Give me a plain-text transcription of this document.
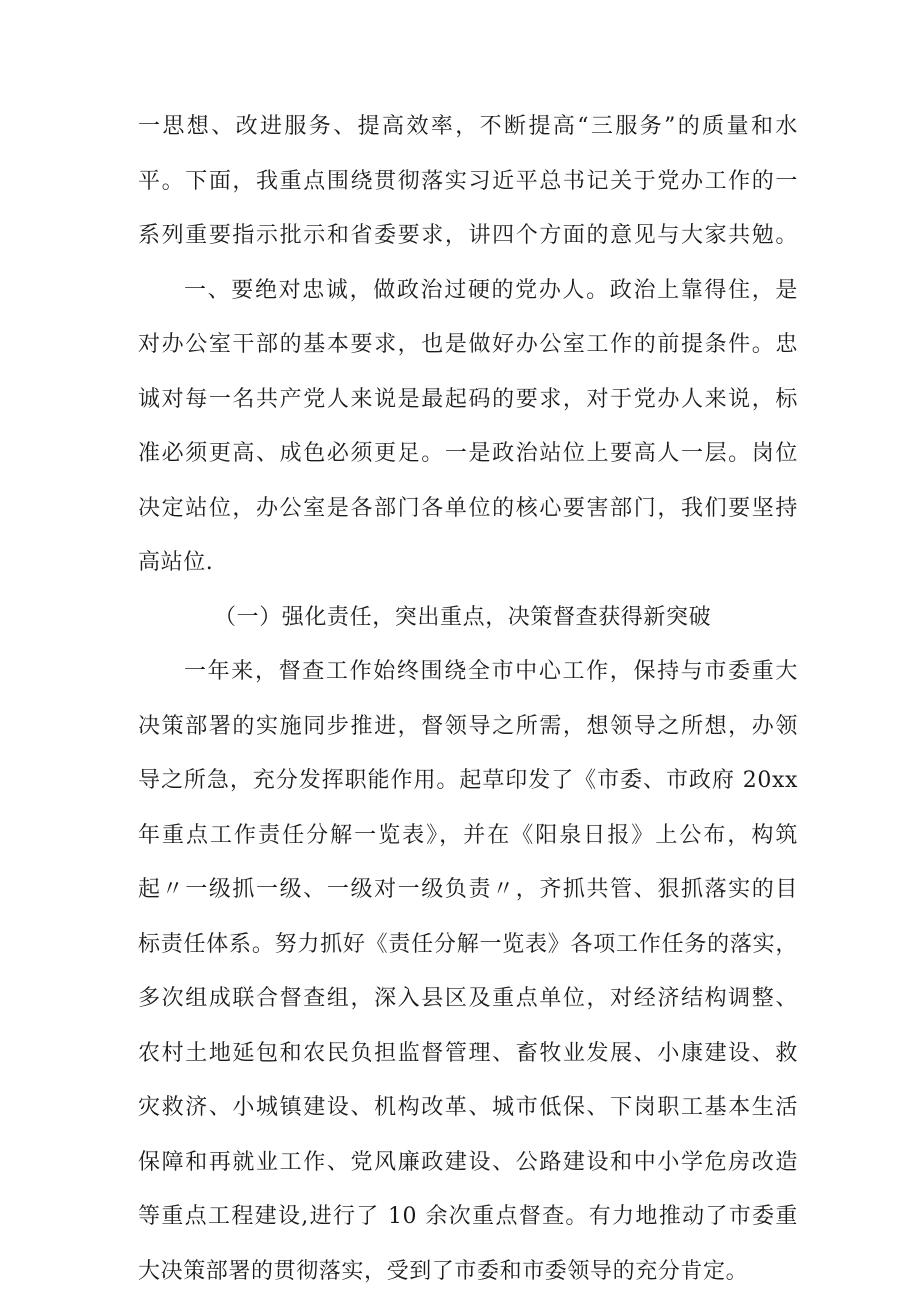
一思想、改进服务、提高效率，不断提高“三服务”的质量和水
平。下面，我重点围绕贯彻落实习近平总书记关于党办工作的一
系列重要指示批示和省委要求，讲四个方面的意见与大家共勉。
一、要绝对忠诚，做政治过硬的党办人。政治上靠得住，是
对办公室干部的基本要求，也是做好办公室工作的前提条件。忠
诚对每一名共产党人来说是最起码的要求，对于党办人来说，标
准必须更高、成色必须更足。一是政治站位上要高人一层。岗位
决定站位，办公室是各部门各单位的核心要害部门，我们要坚持
高站位.
（一）强化责任，突出重点，决策督查获得新突破
一年来，督查工作始终围绕全市中心工作，保持与市委重大
决策部署的实施同步推进，督领导之所需，想领导之所想，办领
导之所急，充分发挥职能作用。起草印发了《市委、市政府 20xx
年重点工作责任分解一览表》，并在《阳泉日报》上公布，构筑
起〃一级抓一级、一级对一级负责〃，齐抓共管、狠抓落实的目
标责任体系。努力抓好《责任分解一览表》各项工作任务的落实，
多次组成联合督查组，深入县区及重点单位，对经济结构调整、
农村土地延包和农民负担监督管理、畜牧业发展、小康建设、救
灾救济、小城镇建设、机构改革、城市低保、下岗职工基本生活
保障和再就业工作、党风廉政建设、公路建设和中小学危房改造
等重点工程建设,进行了 10 余次重点督查。有力地推动了市委重
大决策部署的贯彻落实，受到了市委和市委领导的充分肯定。
